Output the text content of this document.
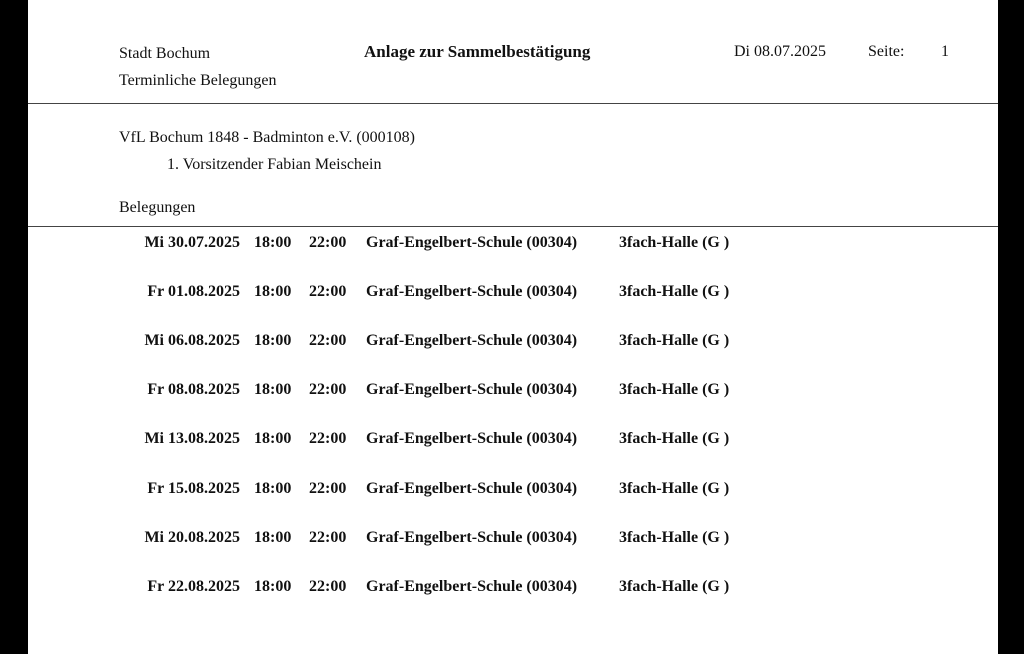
Stadt Bochum
Terminliche Belegungen
Anlage zur Sammelbestätigung	Di 08.07.2025	Seite: 1
VfL Bochum 1848 - Badminton e.V. (000108)
1. Vorsitzender Fabian Meischein
Belegungen
Mi 30.07.2025 18:00 22:00 Graf-Engelbert-Schule (00304)	3fach-Halle (G )
Fr 01.08.2025 18:00 22:00 Graf-Engelbert-Schule (00304)	3fach-Halle (G )
Mi 06.08.2025 18:00 22:00 Graf-Engelbert-Schule (00304)	3fach-Halle (G )
Fr 08.08.2025 18:00 22:00 Graf-Engelbert-Schule (00304)	3fach-Halle (G )
Mi 13.08.2025 18:00 22:00 Graf-Engelbert-Schule (00304)	3fach-Halle (G )
Fr 15.08.2025 18:00 22:00 Graf-Engelbert-Schule (00304)	3fach-Halle (G )
Mi 20.08.2025 18:00 22:00 Graf-Engelbert-Schule (00304)	3fach-Halle (G )
Fr 22.08.2025 18:00 22:00 Graf-Engelbert-Schule (00304)	3fach-Halle (G )
